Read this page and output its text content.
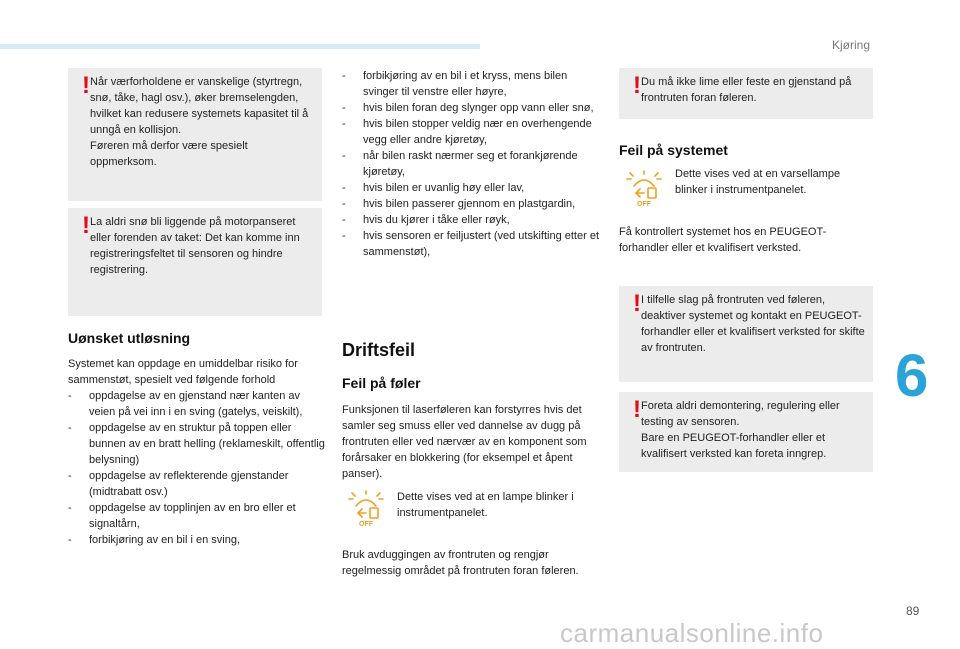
Kjøring
6
89
! Når værforholdene er vanskelige (styrtregn, snø, tåke, hagl osv.), øker bremselengden, hvilket kan redusere systemets kapasitet til å unngå en kollisjon.

Føreren må derfor være spesielt oppmerksom.

! La aldri snø bli liggende på motorpanseret eller forenden av taket: Det kan komme inn registreringsfeltet til sensoren og hindre registrering.

Uønsket utløsning

Systemet kan oppdage en umiddelbar risiko for sammenstøt, spesielt ved følgende forhold

- oppdagelse av en gjenstand nær kanten av veien på vei inn i en sving (gatelys, veiskilt),
- oppdagelse av en struktur på toppen eller bunnen av en bratt helling (reklameskilt, offentlig belysning)
- oppdagelse av reflekterende gjenstander (midtrabatt osv.)
- oppdagelse av topplinjen av en bro eller et signaltårn,
- forbikjøring av en bil i en sving,
- forbikjøring av en bil i et kryss, mens bilen svinger til venstre eller høyre,
- hvis bilen foran deg slynger opp vann eller snø,
- hvis bilen stopper veldig nær en overhengende vegg eller andre kjøretøy,
- når bilen raskt nærmer seg et forankjørende kjøretøy,
- hvis bilen er uvanlig høy eller lav,
- hvis bilen passerer gjennom en plastgardin,
- hvis du kjører i tåke eller røyk,
- hvis sensoren er feiljustert (ved utskifting etter et sammenstøt),
Driftsfeil
Feil på føler

Funksjonen til laserføleren kan forstyrres hvis det samler seg smuss eller ved dannelse av dugg på frontruten eller ved nærvær av en komponent som forårsaker en blokkering (for eksempel et åpent panser).

OFF

Dette vises ved at en lampe blinker i instrumentpanelet.

Bruk avduggingen av frontruten og rengjør regelmessig området på frontruten foran føleren.

! Du må ikke lime eller feste en gjenstand på frontruten foran føleren.

Feil på systemet
OFF

Dette vises ved at en varsellampe blinker i instrumentpanelet.

Få kontrollert systemet hos en PEUGEOT-forhandler eller et kvalifisert verksted.

! I tilfelle slag på frontruten ved føleren, deaktiver systemet og kontakt en PEUGEOT-forhandler eller et kvalifisert verksted for skifte av frontruten.

! Foreta aldri demontering, regulering eller testing av sensoren.

Bare en PEUGEOT-forhandler eller et kvalifisert verksted kan foreta inngrep.

carmanualsonline.info
